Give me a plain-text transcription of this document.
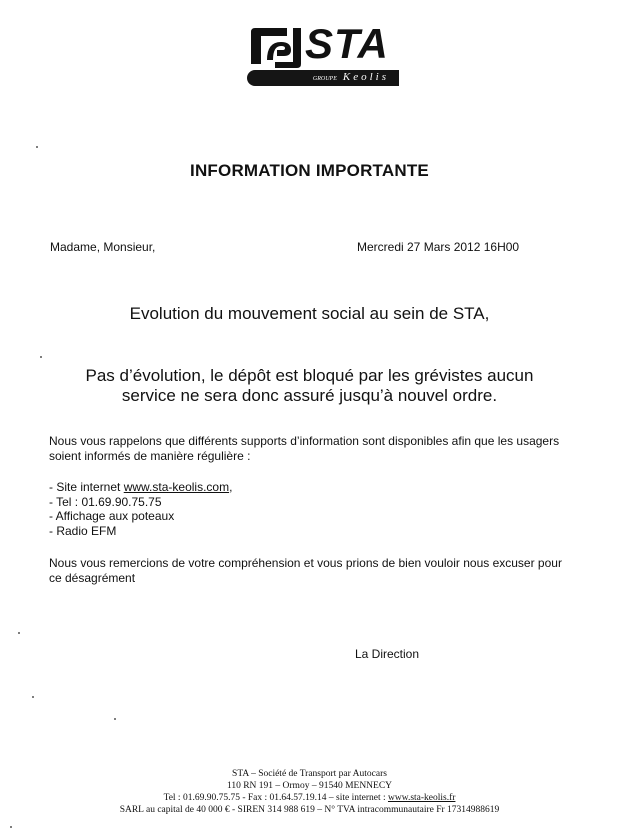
STA
GROUPE Keolis
INFORMATION IMPORTANTE
Madame, Monsieur,	Mercredi 27 Mars 2012 16H00
Evolution du mouvement social au sein de STA,
Pas d’évolution, le dépôt est bloqué par les grévistes aucun
service ne sera donc assuré jusqu’à nouvel ordre.
Nous vous rappelons que différents supports d’information sont disponibles afin que les usagers soient informés de manière régulière :
- Site internet www.sta-keolis.com,
- Tel : 01.69.90.75.75
- Affichage aux poteaux
- Radio EFM
Nous vous remercions de votre compréhension et vous prions de bien vouloir nous excuser pour ce désagrément
La Direction
STA – Société de Transport par Autocars
110 RN 191 – Ormoy – 91540 MENNECY
Tel : 01.69.90.75.75 - Fax : 01.64.57.19.14 – site internet : www.sta-keolis.fr
SARL au capital de 40 000 € - SIREN 314 988 619 – N° TVA intracommunautaire Fr 17314988619
